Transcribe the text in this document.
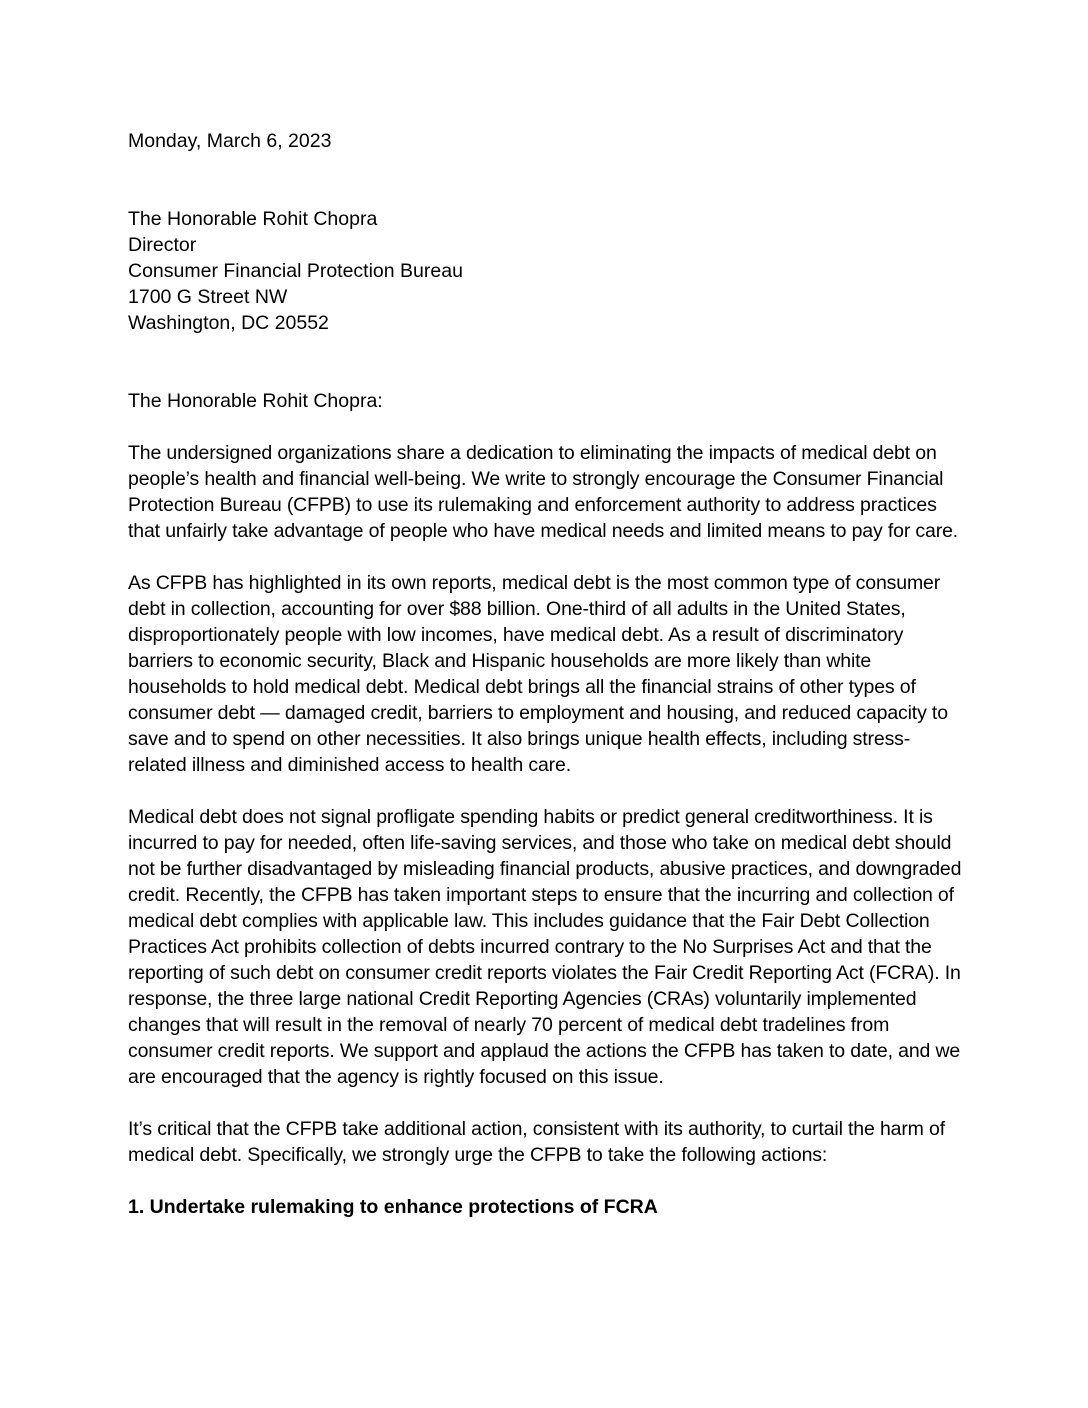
Monday, March 6, 2023
The Honorable Rohit Chopra
Director
Consumer Financial Protection Bureau
1700 G Street NW
Washington, DC 20552
The Honorable Rohit Chopra:

The undersigned organizations share a dedication to eliminating the impacts of medical debt on people’s health and financial well-being. We write to strongly encourage the Consumer Financial Protection Bureau (CFPB) to use its rulemaking and enforcement authority to address practices that unfairly take advantage of people who have medical needs and limited means to pay for care.

As CFPB has highlighted in its own reports, medical debt is the most common type of consumer debt in collection, accounting for over $88 billion. One-third of all adults in the United States, disproportionately people with low incomes, have medical debt. As a result of discriminatory barriers to economic security, Black and Hispanic households are more likely than white households to hold medical debt. Medical debt brings all the financial strains of other types of consumer debt — damaged credit, barriers to employment and housing, and reduced capacity to save and to spend on other necessities. It also brings unique health effects, including stress-related illness and diminished access to health care.

Medical debt does not signal profligate spending habits or predict general creditworthiness. It is incurred to pay for needed, often life-saving services, and those who take on medical debt should not be further disadvantaged by misleading financial products, abusive practices, and downgraded credit. Recently, the CFPB has taken important steps to ensure that the incurring and collection of medical debt complies with applicable law. This includes guidance that the Fair Debt Collection Practices Act prohibits collection of debts incurred contrary to the No Surprises Act and that the reporting of such debt on consumer credit reports violates the Fair Credit Reporting Act (FCRA). In response, the three large national Credit Reporting Agencies (CRAs) voluntarily implemented changes that will result in the removal of nearly 70 percent of medical debt tradelines from consumer credit reports. We support and applaud the actions the CFPB has taken to date, and we are encouraged that the agency is rightly focused on this issue.

It’s critical that the CFPB take additional action, consistent with its authority, to curtail the harm of medical debt. Specifically, we strongly urge the CFPB to take the following actions:

1. Undertake rulemaking to enhance protections of FCRA
